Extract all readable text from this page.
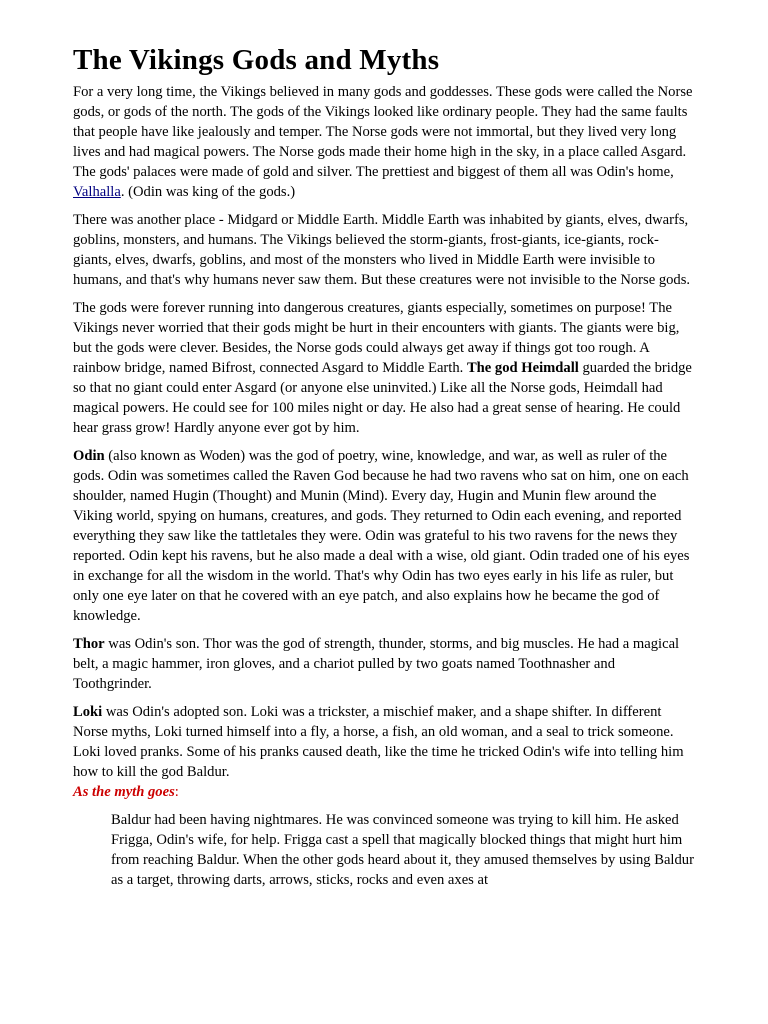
The Vikings Gods and Myths

For a very long time, the Vikings believed in many gods and goddesses. These gods were called the Norse gods, or gods of the north. The gods of the Vikings looked like ordinary people. They had the same faults that people have like jealously and temper. The Norse gods were not immortal, but they lived very long lives and had magical powers. The Norse gods made their home high in the sky, in a place called Asgard. The gods' palaces were made of gold and silver. The prettiest and biggest of them all was Odin's home, Valhalla. (Odin was king of the gods.)

There was another place - Midgard or Middle Earth. Middle Earth was inhabited by giants, elves, dwarfs, goblins, monsters, and humans. The Vikings believed the storm-giants, frost-giants, ice-giants, rock-giants, elves, dwarfs, goblins, and most of the monsters who lived in Middle Earth were invisible to humans, and that's why humans never saw them. But these creatures were not invisible to the Norse gods.

The gods were forever running into dangerous creatures, giants especially, sometimes on purpose! The Vikings never worried that their gods might be hurt in their encounters with giants. The giants were big, but the gods were clever. Besides, the Norse gods could always get away if things got too rough. A rainbow bridge, named Bifrost, connected Asgard to Middle Earth. The god Heimdall guarded the bridge so that no giant could enter Asgard (or anyone else uninvited.) Like all the Norse gods, Heimdall had magical powers. He could see for 100 miles night or day. He also had a great sense of hearing. He could hear grass grow! Hardly anyone ever got by him.

Odin (also known as Woden) was the god of poetry, wine, knowledge, and war, as well as ruler of the gods. Odin was sometimes called the Raven God because he had two ravens who sat on him, one on each shoulder, named Hugin (Thought) and Munin (Mind). Every day, Hugin and Munin flew around the Viking world, spying on humans, creatures, and gods. They returned to Odin each evening, and reported everything they saw like the tattletales they were. Odin was grateful to his two ravens for the news they reported. Odin kept his ravens, but he also made a deal with a wise, old giant. Odin traded one of his eyes in exchange for all the wisdom in the world. That's why Odin has two eyes early in his life as ruler, but only one eye later on that he covered with an eye patch, and also explains how he became the god of knowledge.

Thor was Odin's son. Thor was the god of strength, thunder, storms, and big muscles. He had a magical belt, a magic hammer, iron gloves, and a chariot pulled by two goats named Toothnasher and Toothgrinder.

Loki was Odin's adopted son. Loki was a trickster, a mischief maker, and a shape shifter. In different Norse myths, Loki turned himself into a fly, a horse, a fish, an old woman, and a seal to trick someone. Loki loved pranks. Some of his pranks caused death, like the time he tricked Odin's wife into telling him how to kill the god Baldur.

As the myth goes:

Baldur had been having nightmares. He was convinced someone was trying to kill him. He asked Frigga, Odin's wife, for help. Frigga cast a spell that magically blocked things that might hurt him from reaching Baldur. When the other gods heard about it, they amused themselves by using Baldur as a target, throwing darts, arrows, sticks, rocks and even axes at
